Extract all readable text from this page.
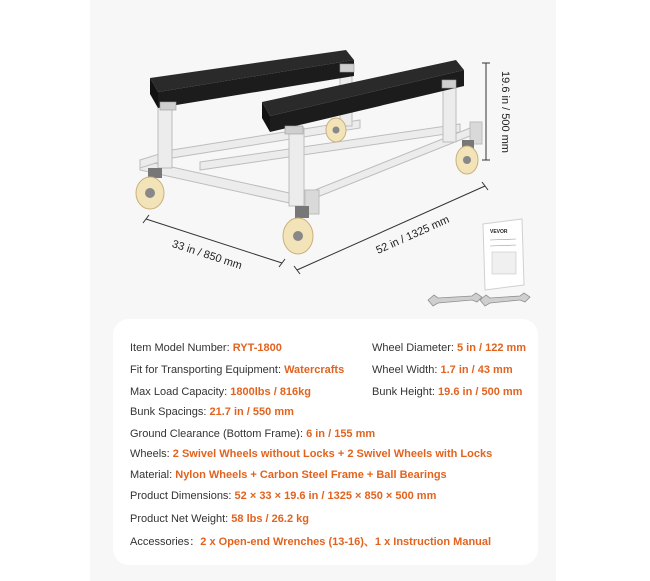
19.6 in / 500 mm
52 in / 1325 mm
33 in / 850 mm
VEVOR
Item Model Number: RYT-1800
Fit for Transporting Equipment: Watercrafts
Max Load Capacity: 1800lbs / 816kg
Bunk Spacings: 21.7 in / 550 mm
Ground Clearance (Bottom Frame): 6 in / 155 mm
Wheels: 2 Swivel Wheels without Locks + 2 Swivel Wheels with Locks
Material: Nylon Wheels + Carbon Steel Frame + Ball Bearings
Product Dimensions: 52 × 33 × 19.6 in / 1325 × 850 × 500 mm
Product Net Weight: 58 lbs / 26.2 kg
Accessories：2 x Open-end Wrenches (13-16)、1 x Instruction Manual
Wheel Diameter: 5 in / 122 mm
Wheel Width: 1.7 in / 43 mm
Bunk Height: 19.6 in / 500 mm
